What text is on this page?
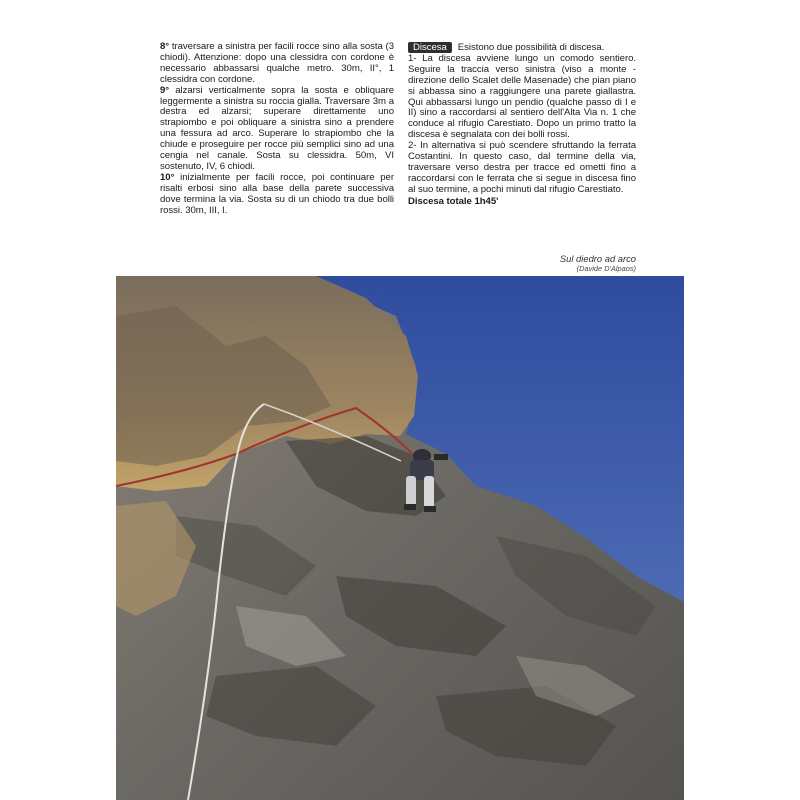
8° traversare a sinistra per facili rocce sino alla sosta (3 chiodi). Attenzione: dopo una clessidra con cordone è necessario abbassarsi qualche metro. 30m, II°, 1 clessidra con cordone.

9° alzarsi verticalmente sopra la sosta e obliquare leggermente a sinistra su roccia gialla. Traversare 3m a destra ed alzarsi; superare direttamente uno strapiombo e poi obliquare a sinistra sino a prendere una fessura ad arco. Superare lo strapiombo che la chiude e proseguire per rocce più semplici sino ad una cengia nel canale. Sosta su clessidra. 50m, VI sostenuto, IV, 6 chiodi.

10° inizialmente per facili rocce, poi continuare per risalti erbosi sino alla base della parete successiva dove termina la via. Sosta su di un chiodo tra due bolli rossi. 30m, III, I.

Discesa Esistono due possibilità di discesa.

1- La discesa avviene lungo un comodo sentiero. Seguire la traccia verso sinistra (viso a monte - direzione dello Scalet delle Masenade) che pian piano si abbassa sino a raggiungere una parete giallastra. Qui abbassarsi lungo un pendio (qualche passo di I e II) sino a raccordarsi al sentiero dell'Alta Via n. 1 che conduce al rifugio Carestiato. Dopo un primo tratto la discesa è segnalata con dei bolli rossi.

2- In alternativa si può scendere sfruttando la ferrata Costantini. In questo caso, dal termine della via, traversare verso destra per tracce ed ometti fino a raccordarsi con le ferrata che si segue in discesa fino al suo termine, a pochi minuti dal rifugio Carestiato.

Discesa totale 1h45'

Sul diedro ad arco
(Davide D'Alpaos)
